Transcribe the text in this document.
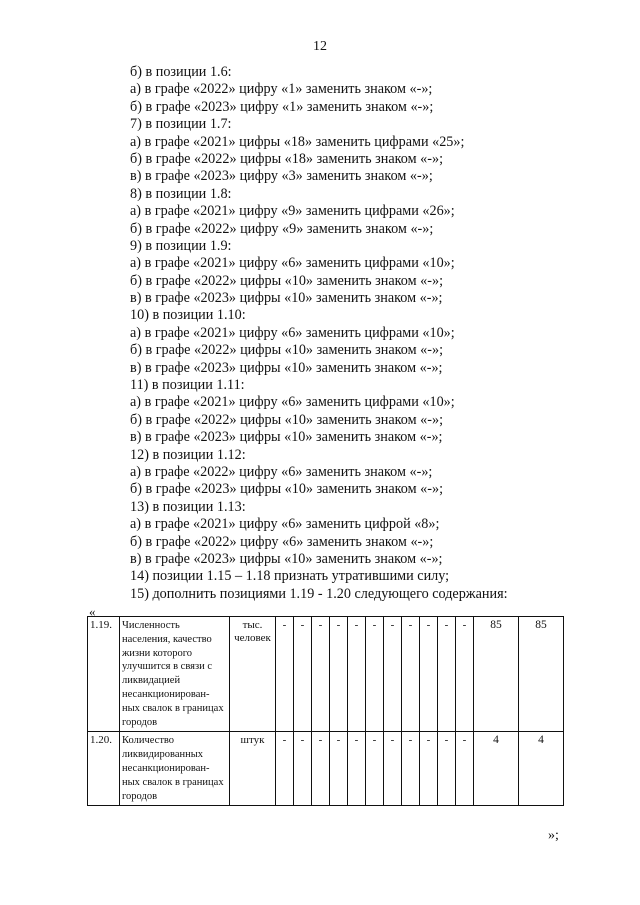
12
б) в позиции 1.6:
а) в графе «2022» цифру «1» заменить знаком «-»;
б) в графе «2023» цифру «1» заменить знаком «-»;
7) в позиции 1.7:
а) в графе «2021» цифры «18» заменить цифрами «25»;
б) в графе «2022» цифры «18» заменить знаком «-»;
в) в графе «2023» цифру «3» заменить знаком «-»;
8) в позиции 1.8:
а) в графе «2021» цифру «9» заменить цифрами «26»;
б) в графе «2022» цифру «9» заменить знаком «-»;
9) в позиции 1.9:
а) в графе «2021» цифру «6» заменить цифрами «10»;
б) в графе «2022» цифры «10» заменить знаком «-»;
в) в графе «2023» цифры «10» заменить знаком «-»;
10) в позиции 1.10:
а) в графе «2021» цифру «6» заменить цифрами «10»;
б) в графе «2022» цифры «10» заменить знаком «-»;
в) в графе «2023» цифры «10» заменить знаком «-»;
11) в позиции 1.11:
а) в графе «2021» цифру «6» заменить цифрами «10»;
б) в графе «2022» цифры «10» заменить знаком «-»;
в) в графе «2023» цифры «10» заменить знаком «-»;
12) в позиции 1.12:
а) в графе «2022» цифру «6» заменить знаком «-»;
б) в графе «2023» цифры «10» заменить знаком «-»;
13) в позиции 1.13:
а) в графе «2021» цифру «6» заменить цифрой «8»;
б) в графе «2022» цифру «6» заменить знаком «-»;
в) в графе «2023» цифры «10» заменить знаком «-»;
14) позиции 1.15 – 1.18 признать утратившими силу;
15) дополнить позициями 1.19 - 1.20 следующего содержания:
«
1.19.	Численность населения, качество жизни которого улучшится в связи с ликвидацией несанкционирован-ных свалок в границах городов	тыс. человек	-	-	-	-	-	-	-	-	-	-	-	85	85
1.20.	Количество ликвидированных несанкционирован-ных свалок в границах городов	штук	-	-	-	-	-	-	-	-	-	-	-	4	4
»;
